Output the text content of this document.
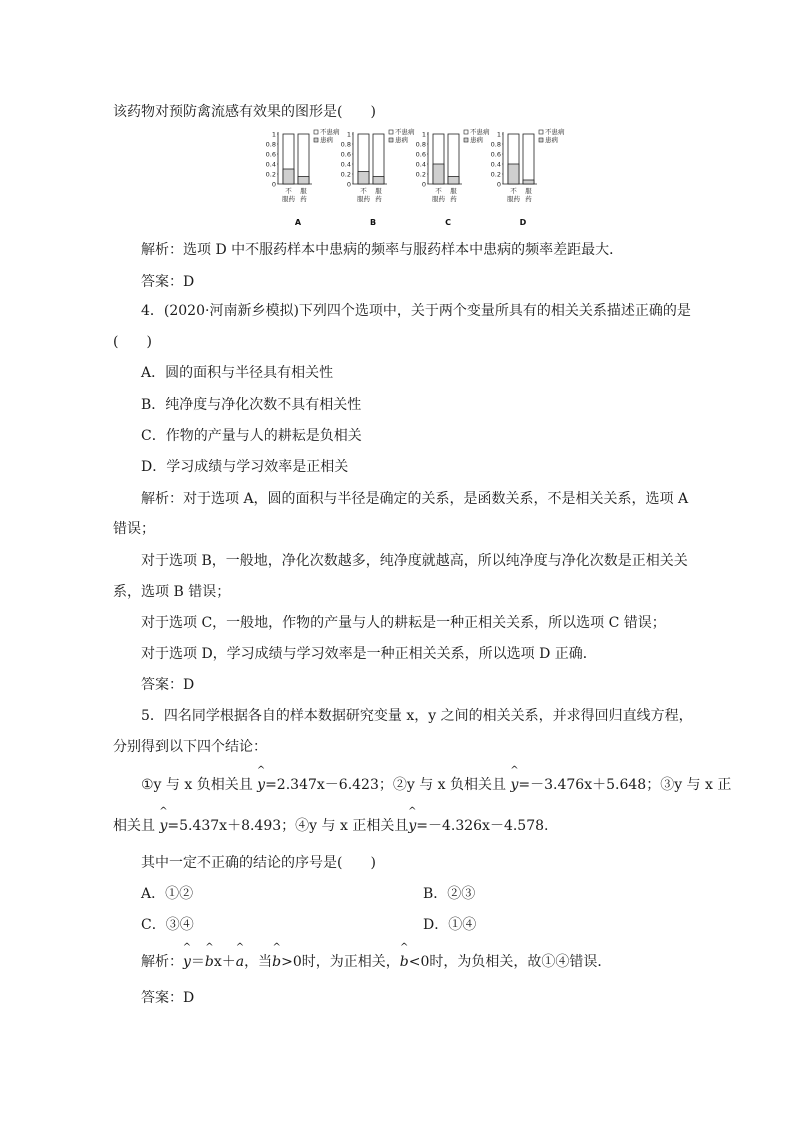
该药物对预防禽流感有效果的图形是(　　)
1
0.8
0.6
0.4
0.2
0
不
服药
服
药
不患病
患病
A
1
0.8
0.6
0.4
0.2
0
不
服药
服
药
不患病
患病
B
1
0.8
0.6
0.4
0.2
0
不
服药
服
药
不患病
患病
C
1
0.8
0.6
0.4
0.2
0
不
服药
服
药
不患病
患病
D
解析：选项 D 中不服药样本中患病的频率与服药样本中患病的频率差距最大．
答案：D
4．(2020·河南新乡模拟)下列四个选项中，关于两个变量所具有的相关关系描述正确的是
(　　)
A．圆的面积与半径具有相关性
B．纯净度与净化次数不具有相关性
C．作物的产量与人的耕耘是负相关
D．学习成绩与学习效率是正相关
解析：对于选项 A，圆的面积与半径是确定的关系，是函数关系，不是相关关系，选项 A
错误；
对于选项 B，一般地，净化次数越多，纯净度就越高，所以纯净度与净化次数是正相关关
系，选项 B 错误；
对于选项 C，一般地，作物的产量与人的耕耘是一种正相关关系，所以选项 C 错误；
对于选项 D，学习成绩与学习效率是一种正相关关系，所以选项 D 正确．
答案：D
5．四名同学根据各自的样本数据研究变量 x，y 之间的相关关系，并求得回归直线方程，
分别得到以下四个结论：
①y 与 x 负相关且 ^ y=2.347x－6.423；②y 与 x 负相关且 ^ y=－3.476x＋5.648；③y 与 x 正
相关且 ^ y=5.437x＋8.493；④y 与 x 正相关且^ y=－4.326x－4.578.
其中一定不正确的结论的序号是(　　)
A．①②	B．②③
C．③④	D．①④
解析：^ y＝^ bx＋^ a，当^ b>0时，为正相关，^ b<0时，为负相关，故①④错误．
答案：D
